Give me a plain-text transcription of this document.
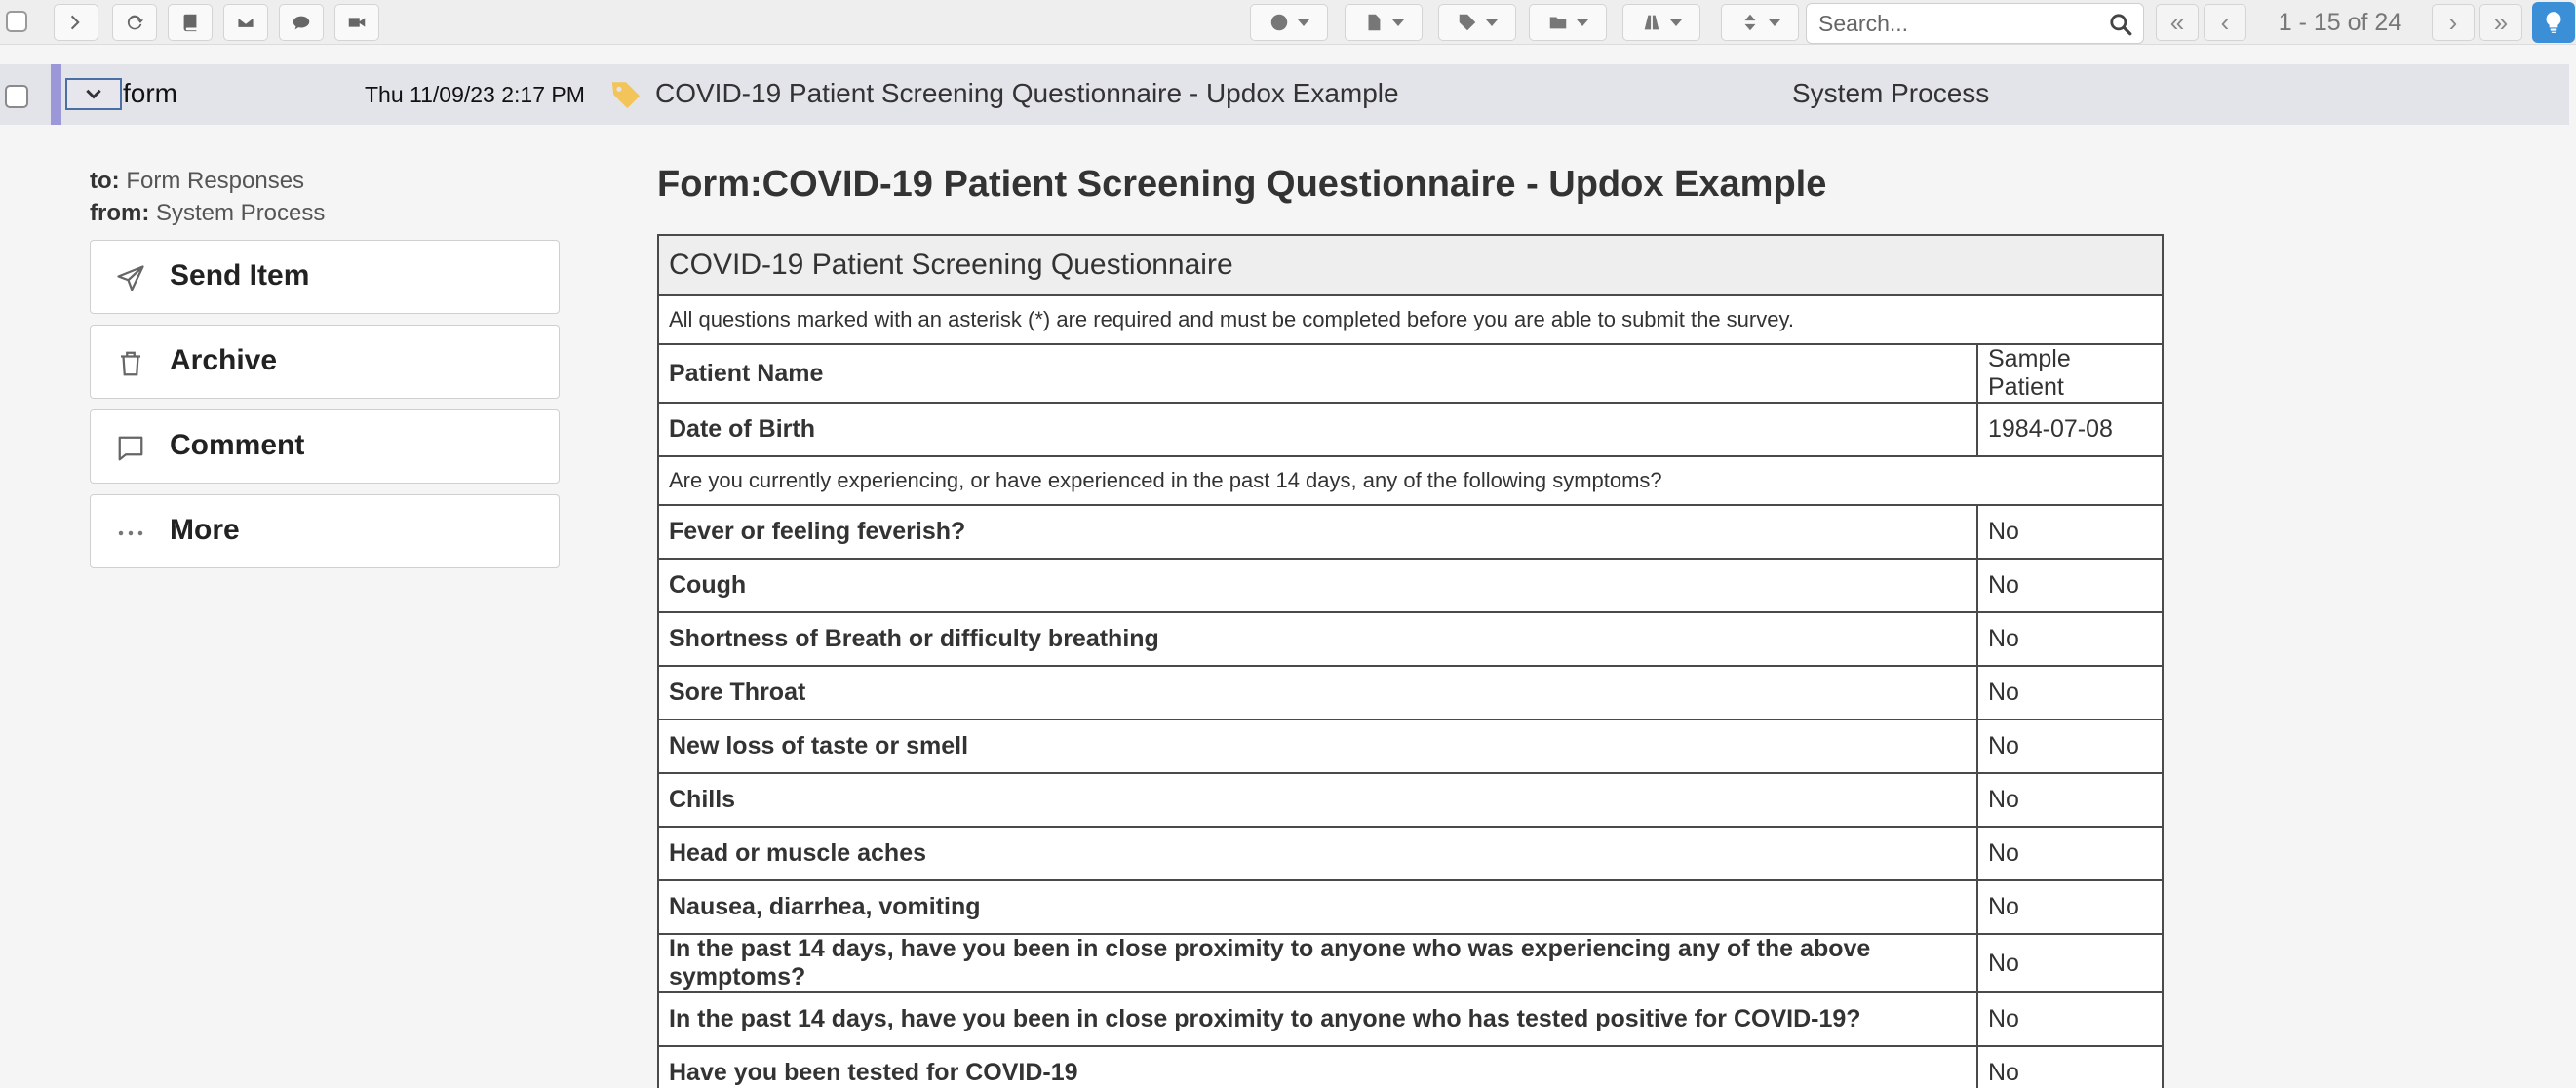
Search...
«	‹	1 - 15 of 24	›	»
form	Thu 11/09/23 2:17 PM	COVID-19 Patient Screening Questionnaire - Updox Example	System Process
to: Form Responses
from: System Process
Send Item
Archive
Comment
More
Form:COVID-19 Patient Screening Questionnaire - Updox Example
COVID-19 Patient Screening Questionnaire	
All questions marked with an asterisk (*) are required and must be completed before you are able to submit the survey.	
Patient Name	Sample Patient
Date of Birth	1984-07-08
Are you currently experiencing, or have experienced in the past 14 days, any of the following symptoms?	
Fever or feeling feverish?	No
Cough	No
Shortness of Breath or difficulty breathing	No
Sore Throat	No
New loss of taste or smell	No
Chills	No
Head or muscle aches	No
Nausea, diarrhea, vomiting	No
In the past 14 days, have you been in close proximity to anyone who was experiencing any of the above symptoms?	No
In the past 14 days, have you been in close proximity to anyone who has tested positive for COVID-19?	No
Have you been tested for COVID-19	No
